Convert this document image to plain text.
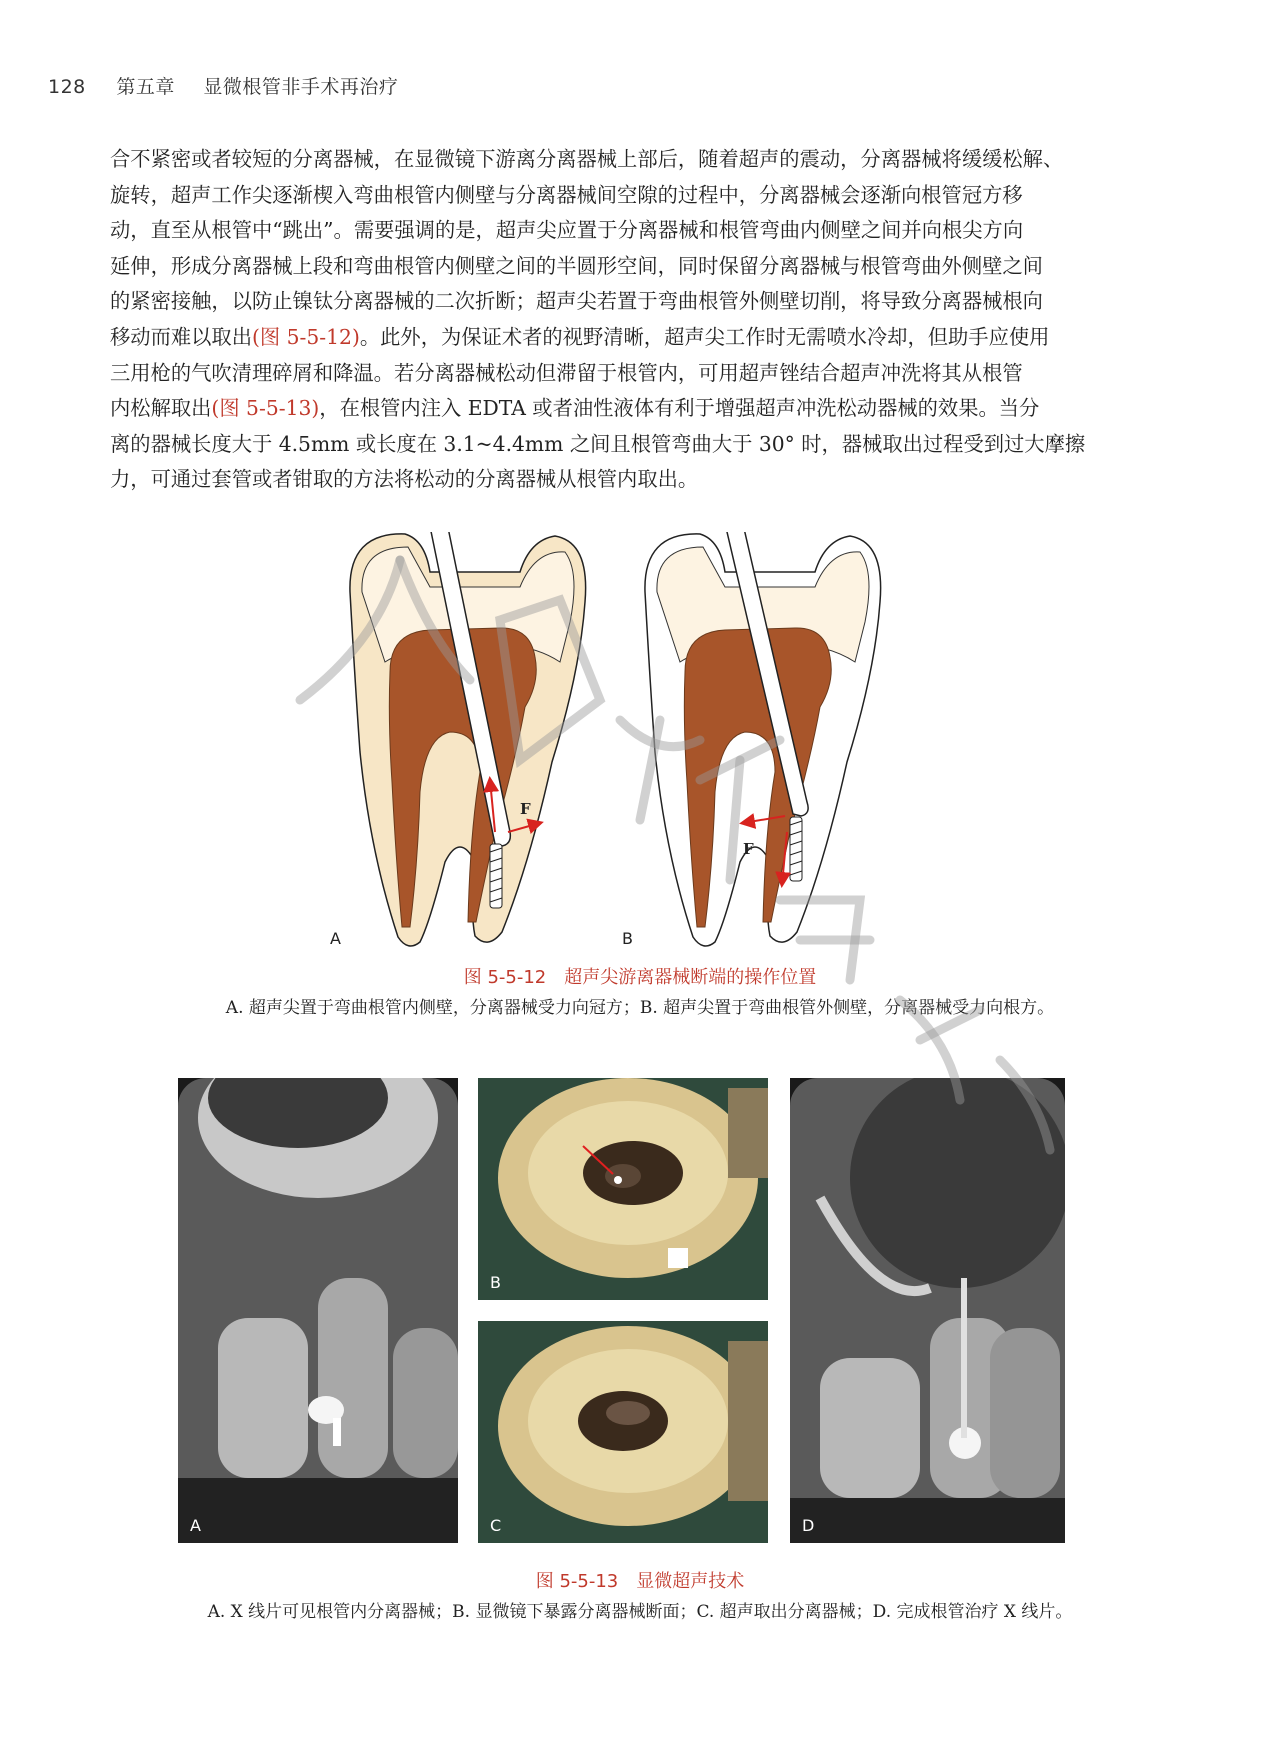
128 第五章 显微根管非手术再治疗

合不紧密或者较短的分离器械，在显微镜下游离分离器械上部后，随着超声的震动，分离器械将缓缓松解、

旋转，超声工作尖逐渐楔入弯曲根管内侧壁与分离器械间空隙的过程中，分离器械会逐渐向根管冠方移

动，直至从根管中“跳出”。需要强调的是，超声尖应置于分离器械和根管弯曲内侧壁之间并向根尖方向

延伸，形成分离器械上段和弯曲根管内侧壁之间的半圆形空间，同时保留分离器械与根管弯曲外侧壁之间

的紧密接触，以防止镍钛分离器械的二次折断；超声尖若置于弯曲根管外侧壁切削，将导致分离器械根向

移动而难以取出(图 5-5-12)。此外，为保证术者的视野清晰，超声尖工作时无需喷水冷却，但助手应使用

三用枪的气吹清理碎屑和降温。若分离器械松动但滞留于根管内，可用超声锉结合超声冲洗将其从根管

内松解取出(图 5-5-13)，在根管内注入 EDTA 或者油性液体有利于增强超声冲洗松动器械的效果。当分

离的器械长度大于 4.5mm 或长度在 3.1~4.4mm 之间且根管弯曲大于 30° 时，器械取出过程受到过大摩擦

力，可通过套管或者钳取的方法将松动的分离器械从根管内取出。

F
A
F
B
图 5-5-12　超声尖游离器械断端的操作位置
A. 超声尖置于弯曲根管内侧壁，分离器械受力向冠方；B. 超声尖置于弯曲根管外侧壁，分离器械受力向根方。
A
B
C	D
图 5-5-13　显微超声技术
A. X 线片可见根管内分离器械；B. 显微镜下暴露分离器械断面；C. 超声取出分离器械；D. 完成根管治疗 X 线片。
